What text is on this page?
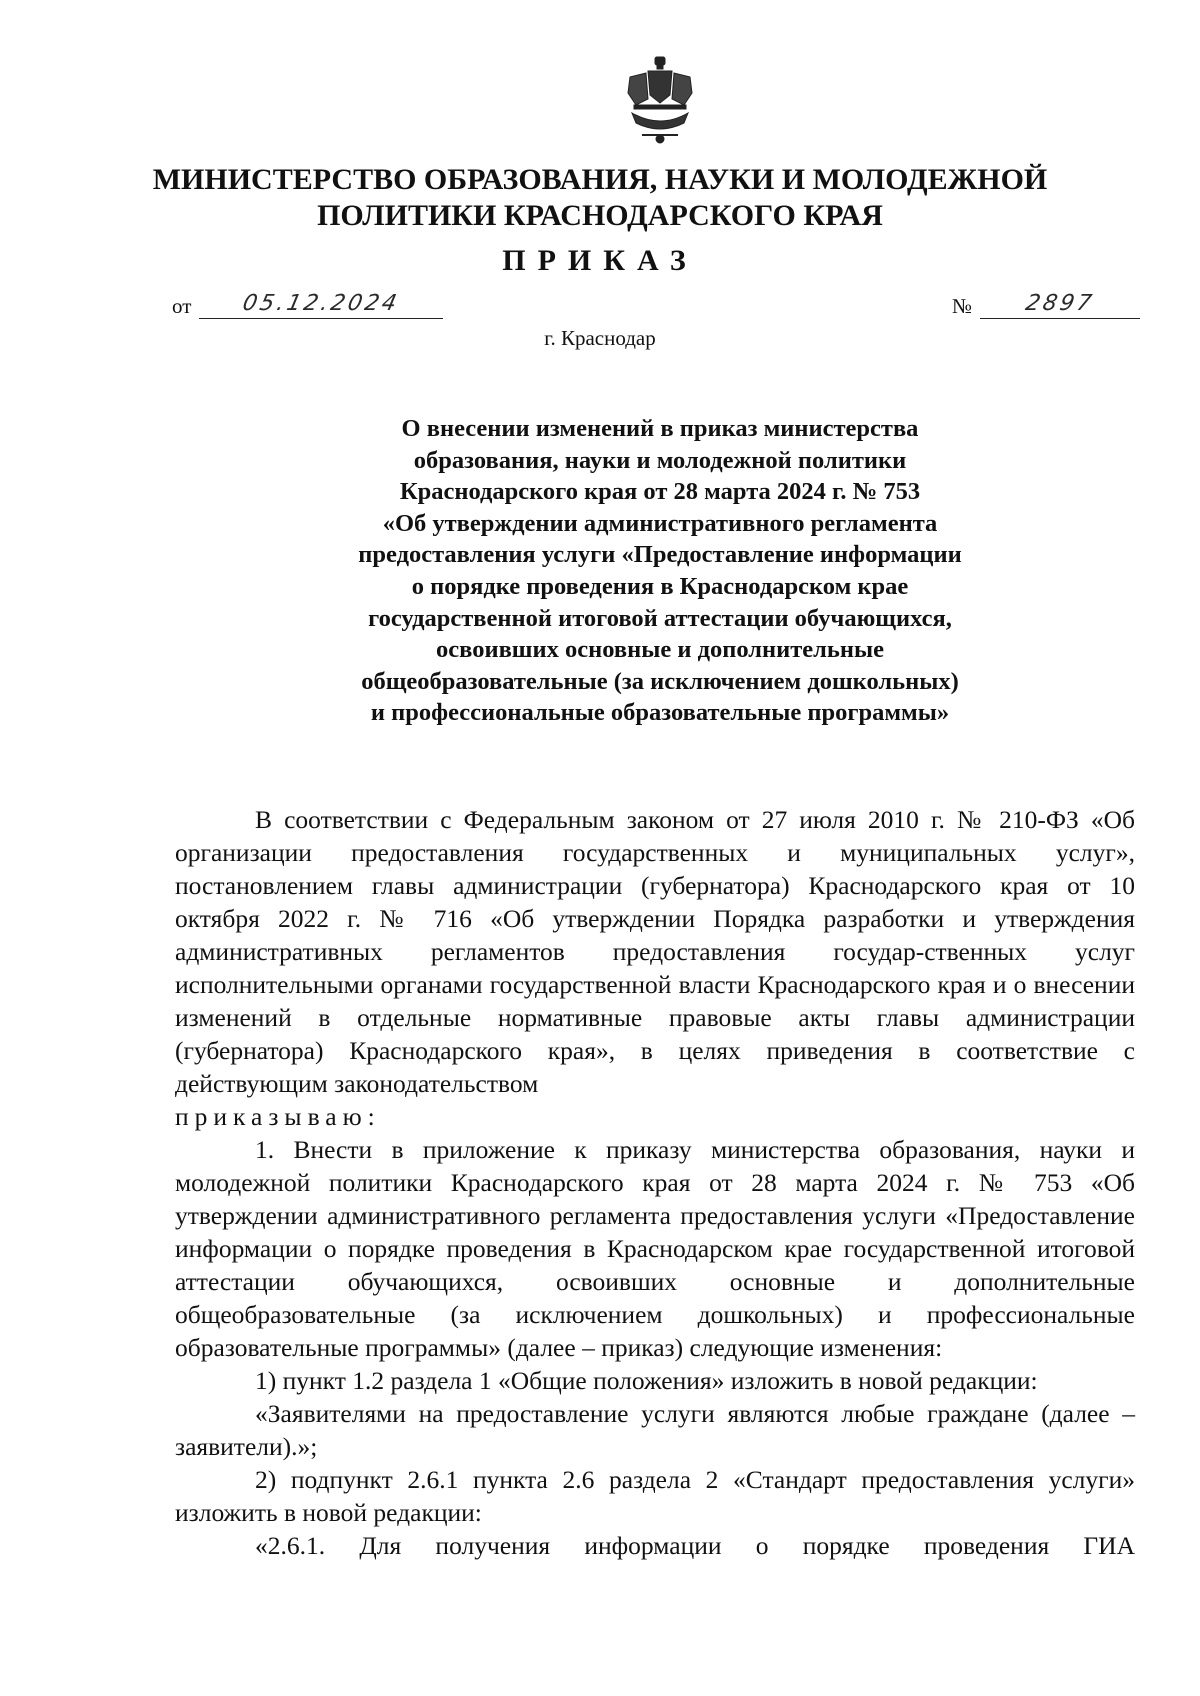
МИНИСТЕРСТВО ОБРАЗОВАНИЯ, НАУКИ И МОЛОДЕЖНОЙ
ПОЛИТИКИ КРАСНОДАРСКОГО КРАЯ
ПРИКАЗ
от	05.12.2024	№	2897
г. Краснодар
О внесении изменений в приказ министерства
образования, науки и молодежной политики
Краснодарского края от 28 марта 2024 г. № 753
«Об утверждении административного регламента
предоставления услуги «Предоставление информации
о порядке проведения в Краснодарском крае
государственной итоговой аттестации обучающихся,
освоивших основные и дополнительные
общеобразовательные (за исключением дошкольных)
и профессиональные образовательные программы»

В соответствии с Федеральным законом от 27 июля 2010 г. № 210-ФЗ «Об организации предоставления государственных и муниципальных услуг», постановлением главы администрации (губернатора) Краснодарского края от 10 октября 2022 г. № 716 «Об утверждении Порядка разработки и утверждения административных регламентов предоставления государ-ственных услуг исполнительными органами государственной власти Краснодарского края и о внесении изменений в отдельные нормативные правовые акты главы администрации (губернатора) Краснодарского края», в целях приведения в соответствие с действующим законодательством

приказываю:

1. Внести в приложение к приказу министерства образования, науки и молодежной политики Краснодарского края от 28 марта 2024 г. № 753 «Об утверждении административного регламента предоставления услуги «Предоставление информации о порядке проведения в Краснодарском крае государственной итоговой аттестации обучающихся, освоивших основные и дополнительные общеобразовательные (за исключением дошкольных) и профессиональные образовательные программы» (далее – приказ) следующие изменения:

1) пункт 1.2 раздела 1 «Общие положения» изложить в новой редакции:

«Заявителями на предоставление услуги являются любые граждане (далее – заявители).»;

2) подпункт 2.6.1 пункта 2.6 раздела 2 «Стандарт предоставления услуги» изложить в новой редакции:

«2.6.1. Для получения информации о порядке проведения ГИА
